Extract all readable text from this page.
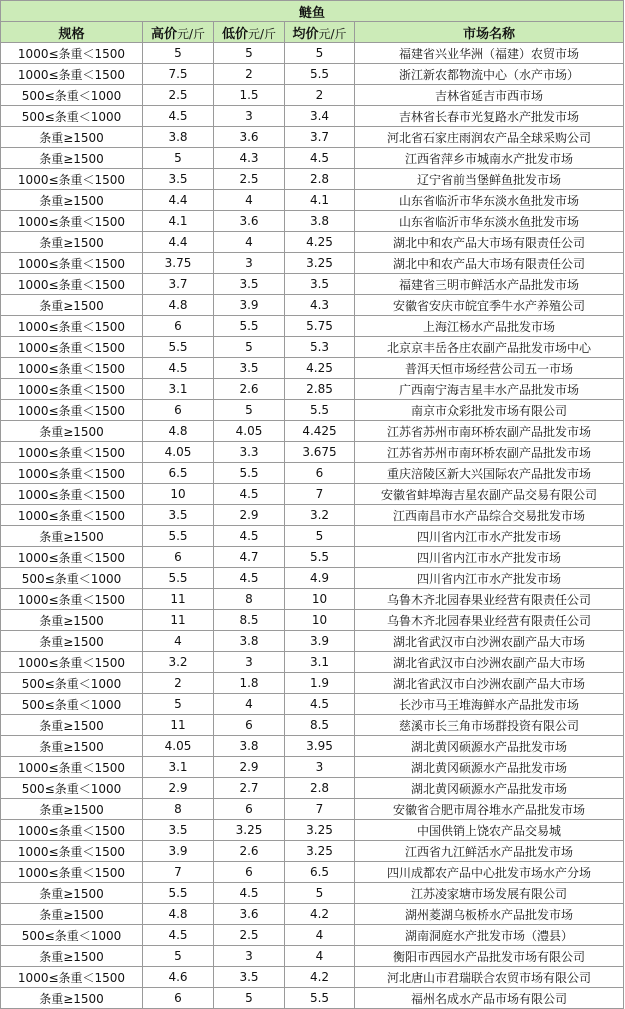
鲢鱼				
规格	高价元/斤	低价元/斤	均价元/斤	市场名称
1000≤条重＜1500	5	5	5	福建省兴业华洲（福建）农贸市场
1000≤条重＜1500	7.5	2	5.5	浙江新农都物流中心（水产市场）
500≤条重＜1000	2.5	1.5	2	吉林省延吉市西市场
500≤条重＜1000	4.5	3	3.4	吉林省长春市光复路水产批发市场
条重≥1500	3.8	3.6	3.7	河北省石家庄雨润农产品全球采购公司
条重≥1500	5	4.3	4.5	江西省萍乡市城南水产批发市场
1000≤条重＜1500	3.5	2.5	2.8	辽宁省前当堡鲜鱼批发市场
条重≥1500	4.4	4	4.1	山东省临沂市华东淡水鱼批发市场
1000≤条重＜1500	4.1	3.6	3.8	山东省临沂市华东淡水鱼批发市场
条重≥1500	4.4	4	4.25	湖北中和农产品大市场有限责任公司
1000≤条重＜1500	3.75	3	3.25	湖北中和农产品大市场有限责任公司
1000≤条重＜1500	3.7	3.5	3.5	福建省三明市鲜活水产品批发市场
条重≥1500	4.8	3.9	4.3	安徽省安庆市皖宜季牛水产养殖公司
1000≤条重＜1500	6	5.5	5.75	上海江杨水产品批发市场
1000≤条重＜1500	5.5	5	5.3	北京京丰岳各庄农副产品批发市场中心
1000≤条重＜1500	4.5	3.5	4.25	普洱天恒市场经营公司五一市场
1000≤条重＜1500	3.1	2.6	2.85	广西南宁海吉星丰水产品批发市场
1000≤条重＜1500	6	5	5.5	南京市众彩批发市场有限公司
条重≥1500	4.8	4.05	4.425	江苏省苏州市南环桥农副产品批发市场
1000≤条重＜1500	4.05	3.3	3.675	江苏省苏州市南环桥农副产品批发市场
1000≤条重＜1500	6.5	5.5	6	重庆涪陵区新大兴国际农产品批发市场
1000≤条重＜1500	10	4.5	7	安徽省蚌埠海吉星农副产品交易有限公司
1000≤条重＜1500	3.5	2.9	3.2	江西南昌市水产品综合交易批发市场
条重≥1500	5.5	4.5	5	四川省内江市水产批发市场
1000≤条重＜1500	6	4.7	5.5	四川省内江市水产批发市场
500≤条重＜1000	5.5	4.5	4.9	四川省内江市水产批发市场
1000≤条重＜1500	11	8	10	乌鲁木齐北园春果业经营有限责任公司
条重≥1500	11	8.5	10	乌鲁木齐北园春果业经营有限责任公司
条重≥1500	4	3.8	3.9	湖北省武汉市白沙洲农副产品大市场
1000≤条重＜1500	3.2	3	3.1	湖北省武汉市白沙洲农副产品大市场
500≤条重＜1000	2	1.8	1.9	湖北省武汉市白沙洲农副产品大市场
500≤条重＜1000	5	4	4.5	长沙市马王堆海鲜水产品批发市场
条重≥1500	11	6	8.5	慈溪市长三角市场群投资有限公司
条重≥1500	4.05	3.8	3.95	湖北黄冈硕源水产品批发市场
1000≤条重＜1500	3.1	2.9	3	湖北黄冈硕源水产品批发市场
500≤条重＜1000	2.9	2.7	2.8	湖北黄冈硕源水产品批发市场
条重≥1500	8	6	7	安徽省合肥市周谷堆水产品批发市场
1000≤条重＜1500	3.5	3.25	3.25	中国供销上饶农产品交易城
1000≤条重＜1500	3.9	2.6	3.25	江西省九江鲜活水产品批发市场
1000≤条重＜1500	7	6	6.5	四川成都农产品中心批发市场水产分场
条重≥1500	5.5	4.5	5	江苏凌家塘市场发展有限公司
条重≥1500	4.8	3.6	4.2	湖州菱湖乌板桥水产品批发市场
500≤条重＜1000	4.5	2.5	4	湖南洞庭水产批发市场（澧县）
条重≥1500	5	3	4	衡阳市西园水产品批发市场有限公司
1000≤条重＜1500	4.6	3.5	4.2	河北唐山市君瑞联合农贸市场有限公司
条重≥1500	6	5	5.5	福州名成水产品市场有限公司
